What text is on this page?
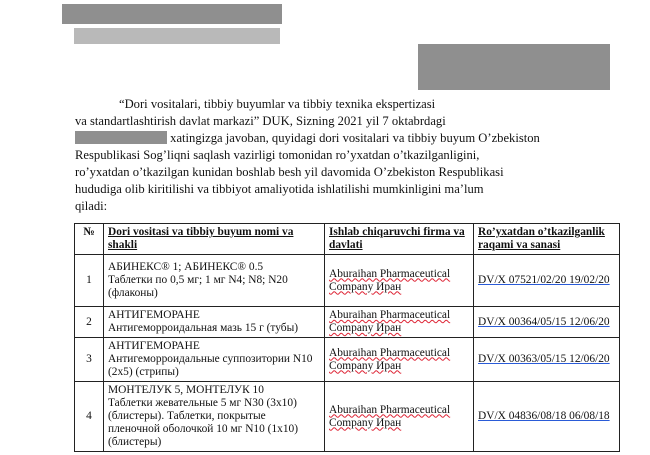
“Dori vositalari, tibbiy buyumlar va tibbiy texnika ekspertizasi

va standartlashtirish davlat markazi” DUK, Sizning 2021 yil 7 oktabrdagi

xatingizga javoban, quyidagi dori vositalari va tibbiy buyum O’zbekiston

Respublikasi Sog’liqni saqlash vazirligi tomonidan ro’yxatdan o’tkazilganligini,

ro’yxatdan o’tkazilgan kunidan boshlab besh yil davomida O’zbekiston Respublikasi

hududiga olib kiritilishi va tibbiyot amaliyotida ishlatilishi mumkinligini ma’lum

qiladi:

№	Dori vositasi va tibbiy buyum nomi va shakli	Ishlab chiqaruvchi firma va davlati	Ro’yxatdan o’tkazilganlik raqami va sanasi
1	АБИНЕКС® 1; АБИНЕКС® 0.5
Таблетки по 0,5 мг; 1 мг N4; N8; N20 (флаконы)	Aburaihan Pharmaceutical Company Иран	DV/X 07521/02/20 19/02/20
2	АНТИГЕМОРАНЕ
Антигеморроидальная мазь 15 г (тубы)	Aburaihan Pharmaceutical Company Иран	DV/X 00364/05/15 12/06/20
3	АНТИГЕМОРАНЕ
Антигеморроидальные суппозитории N10 (2x5) (стрипы)	Aburaihan Pharmaceutical Company Иран	DV/X 00363/05/15 12/06/20
4	МОНТЕЛУК 5, МОНТЕЛУК 10
Таблетки жевательные 5 мг N30 (3x10) (блистеры). Таблетки, покрытые пленочной оболочкой 10 мг N10 (1x10) (блистеры)	Aburaihan Pharmaceutical Company Иран	DV/X 04836/08/18 06/08/18
